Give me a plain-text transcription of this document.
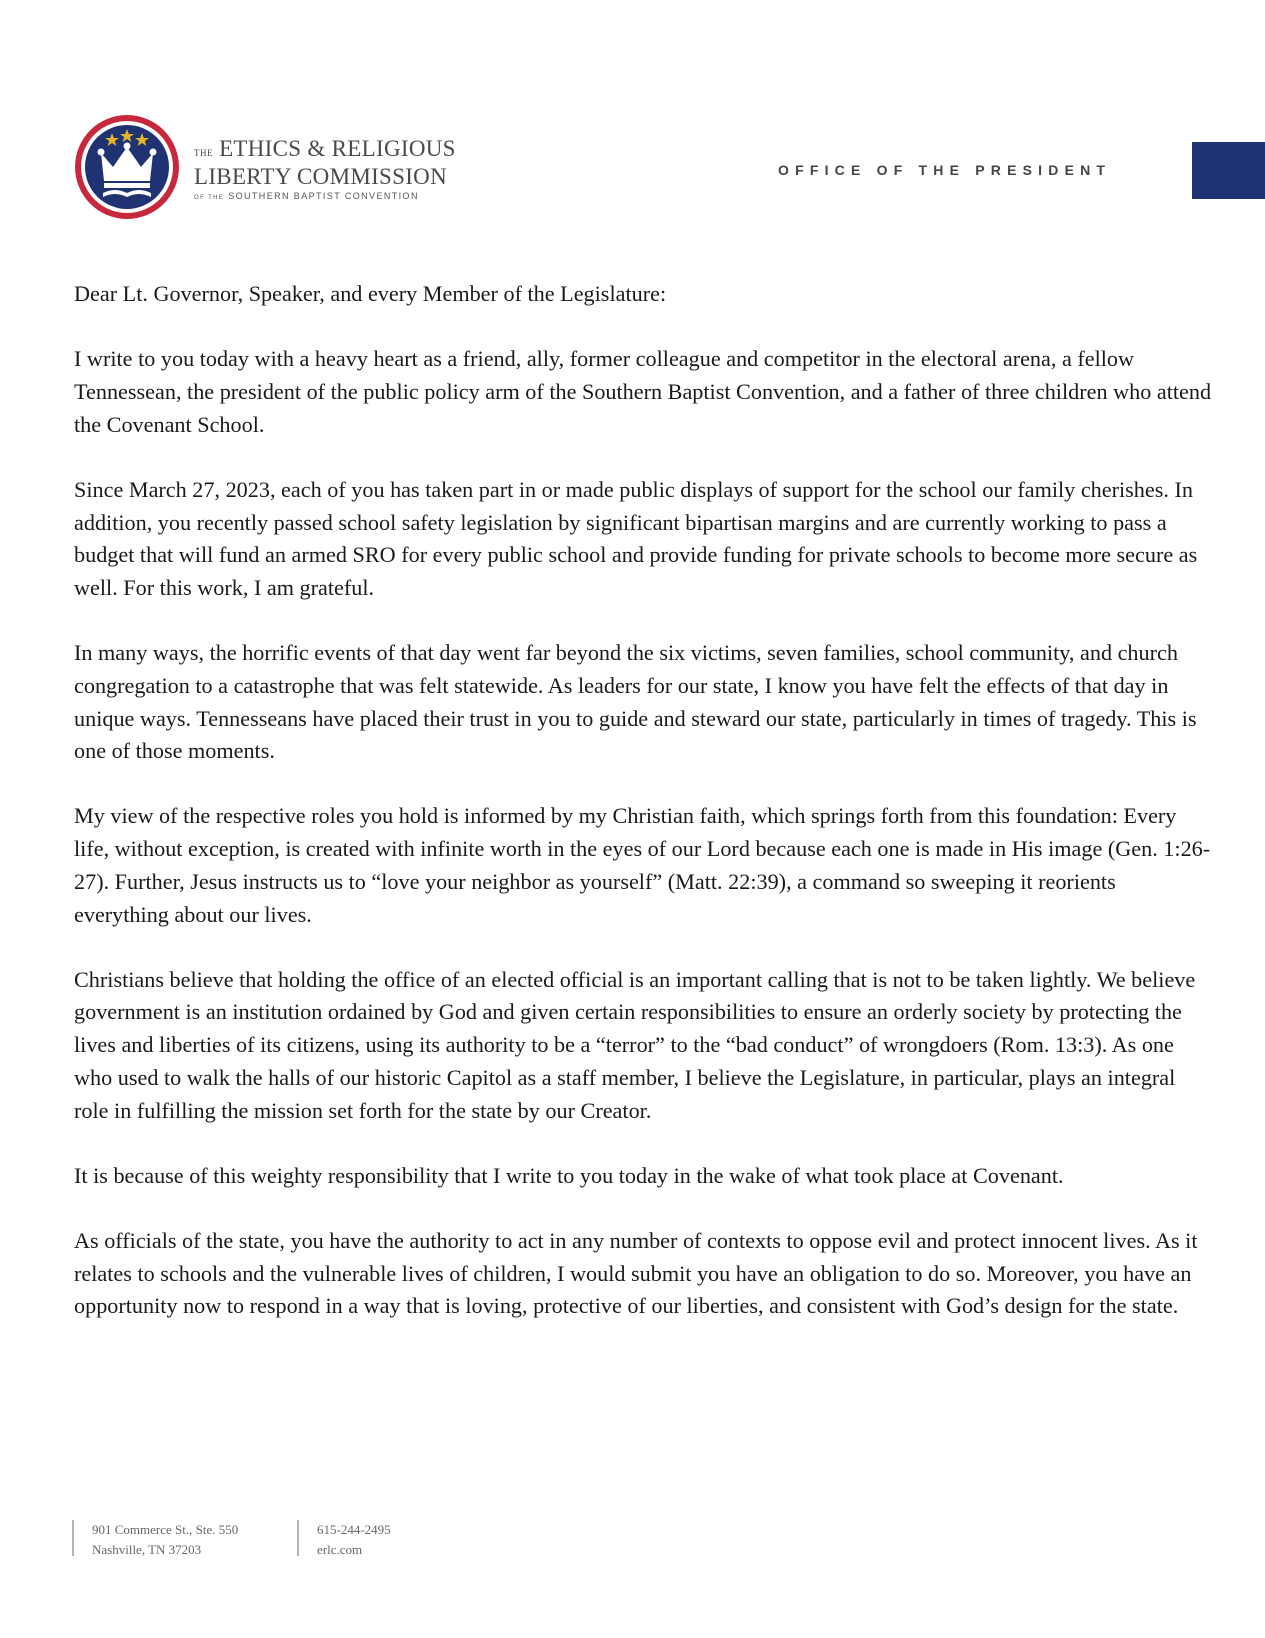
THE ETHICS & RELIGIOUS
LIBERTY COMMISSION
OF THE SOUTHERN BAPTIST CONVENTION
OFFICE OF THE PRESIDENT

Dear Lt. Governor, Speaker, and every Member of the Legislature:

I write to you today with a heavy heart as a friend, ally, former colleague and competitor in the electoral arena, a fellow Tennessean, the president of the public policy arm of the Southern Baptist Convention, and a father of three children who attend the Covenant School.

Since March 27, 2023, each of you has taken part in or made public displays of support for the school our family cherishes. In addition, you recently passed school safety legislation by significant bipartisan margins and are currently working to pass a budget that will fund an armed SRO for every public school and provide funding for private schools to become more secure as well. For this work, I am grateful.

In many ways, the horrific events of that day went far beyond the six victims, seven families, school community, and church congregation to a catastrophe that was felt statewide. As leaders for our state, I know you have felt the effects of that day in unique ways. Tennesseans have placed their trust in you to guide and steward our state, particularly in times of tragedy. This is one of those moments.

My view of the respective roles you hold is informed by my Christian faith, which springs forth from this foundation: Every life, without exception, is created with infinite worth in the eyes of our Lord because each one is made in His image (Gen. 1:26-27). Further, Jesus instructs us to “love your neighbor as yourself” (Matt. 22:39), a command so sweeping it reorients everything about our lives.

Christians believe that holding the office of an elected official is an important calling that is not to be taken lightly. We believe government is an institution ordained by God and given certain responsibilities to ensure an orderly society by protecting the lives and liberties of its citizens, using its authority to be a “terror” to the “bad conduct” of wrongdoers (Rom. 13:3). As one who used to walk the halls of our historic Capitol as a staff member, I believe the Legislature, in particular, plays an integral role in fulfilling the mission set forth for the state by our Creator.

It is because of this weighty responsibility that I write to you today in the wake of what took place at Covenant.

As officials of the state, you have the authority to act in any number of contexts to oppose evil and protect innocent lives. As it relates to schools and the vulnerable lives of children, I would submit you have an obligation to do so. Moreover, you have an opportunity now to respond in a way that is loving, protective of our liberties, and consistent with God’s design for the state.

901 Commerce St., Ste. 550
Nashville, TN 37203
615-244-2495
erlc.com
